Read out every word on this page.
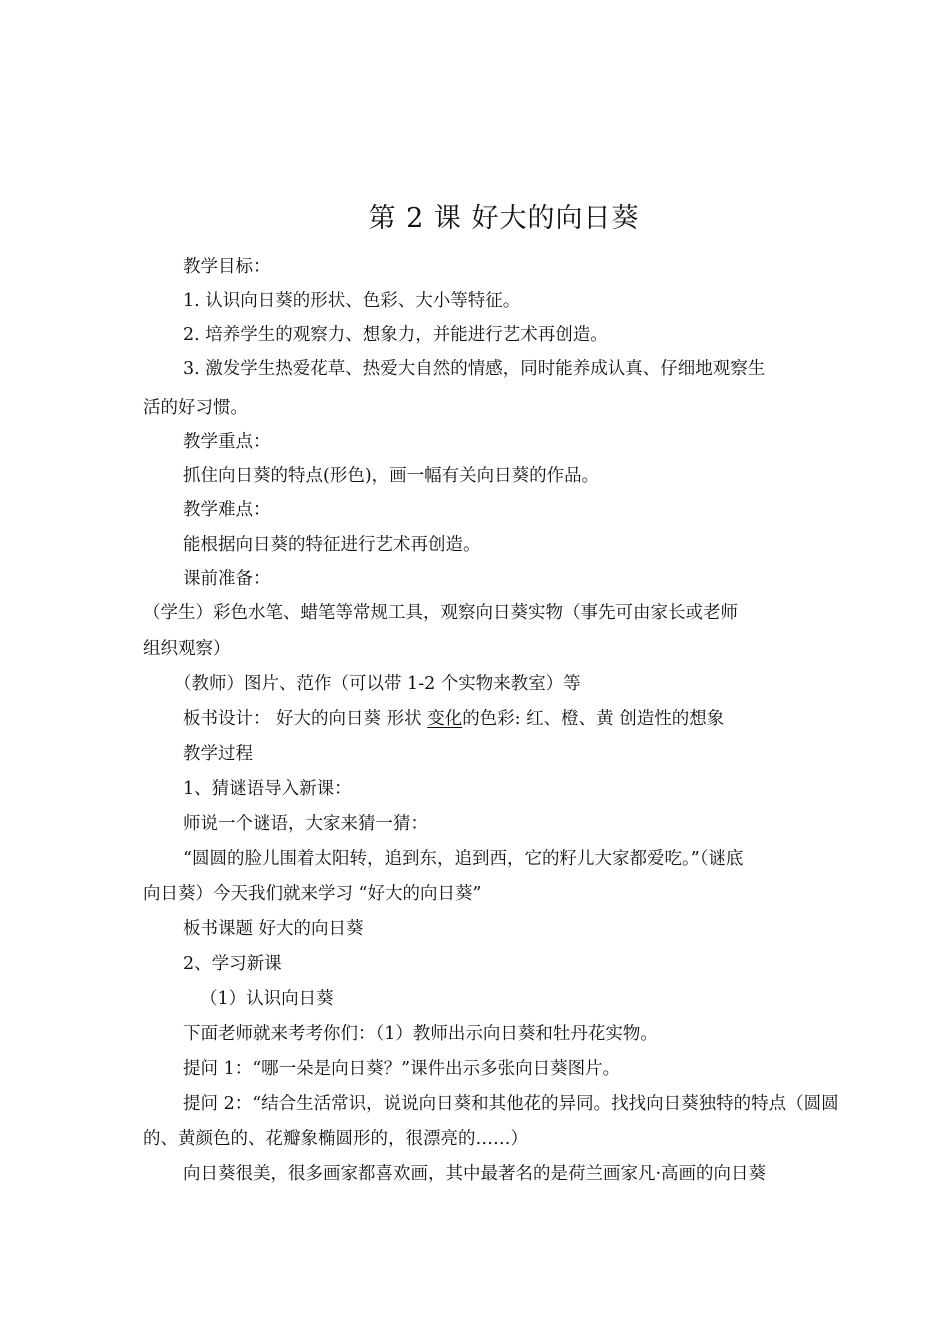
第 2 课 好大的向日葵
教学目标：
1. 认识向日葵的形状、色彩、大小等特征。
2. 培养学生的观察力、想象力，并能进行艺术再创造。
3. 激发学生热爱花草、热爱大自然的情感，同时能养成认真、仔细地观察生
活的好习惯。
教学重点：
抓住向日葵的特点(形色)，画一幅有关向日葵的作品。
教学难点：
能根据向日葵的特征进行艺术再创造。
课前准备：
（学生）彩色水笔、蜡笔等常规工具，观察向日葵实物（事先可由家长或老师
组织观察）
（教师）图片、范作（可以带 1-2 个实物来教室）等
板书设计： 好大的向日葵 形状 变化的色彩: 红、橙、黄 创造性的想象
教学过程
1、猜谜语导入新课：
师说一个谜语，大家来猜一猜：
“圆圆的脸儿围着太阳转，追到东，追到西，它的籽儿大家都爱吃。”（谜底
向日葵）今天我们就来学习 “好大的向日葵”
板书课题 好大的向日葵
2、学习新课
（1）认识向日葵
下面老师就来考考你们：（1）教师出示向日葵和牡丹花实物。
提问 1：“哪一朵是向日葵？”课件出示多张向日葵图片。
提问 2：“结合生活常识，说说向日葵和其他花的异同。找找向日葵独特的特点（圆圆
的、黄颜色的、花瓣象椭圆形的，很漂亮的……）
向日葵很美，很多画家都喜欢画，其中最著名的是荷兰画家凡·高画的向日葵
